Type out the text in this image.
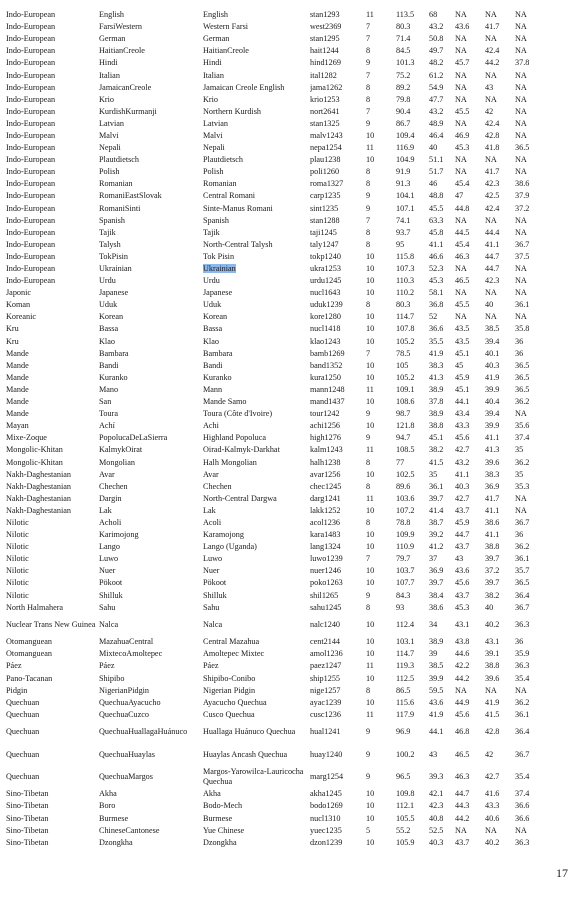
Indo-European	English	English	stan1293	11	113.5	68	NA	NA	NA
Indo-European	FarsiWestern	Western Farsi	west2369	7	80.3	43.2	43.6	41.7	NA
Indo-European	German	German	stan1295	7	71.4	50.8	NA	NA	NA
Indo-European	HaitianCreole	HaitianCreole	hait1244	8	84.5	49.7	NA	42.4	NA
Indo-European	Hindi	Hindi	hind1269	9	101.3	48.2	45.7	44.2	37.8
Indo-European	Italian	Italian	ital1282	7	75.2	61.2	NA	NA	NA
Indo-European	JamaicanCreole	Jamaican Creole English	jama1262	8	89.2	54.9	NA	43	NA
Indo-European	Krio	Krio	krio1253	8	79.8	47.7	NA	NA	NA
Indo-European	KurdishKurmanji	Northern Kurdish	nort2641	7	90.4	43.2	45.5	42	NA
Indo-European	Latvian	Latvian	stan1325	9	86.7	48.9	NA	42.4	NA
Indo-European	Malvi	Malvi	malv1243	10	109.4	46.4	46.9	42.8	NA
Indo-European	Nepali	Nepali	nepa1254	11	116.9	40	45.3	41.8	36.5
Indo-European	Plautdietsch	Plautdietsch	plau1238	10	104.9	51.1	NA	NA	NA
Indo-European	Polish	Polish	poli1260	8	91.9	51.7	NA	41.7	NA
Indo-European	Romanian	Romanian	roma1327	8	91.3	46	45.4	42.3	38.6
Indo-European	RomaniEastSlovak	Central Romani	carp1235	9	104.1	48.8	47	42.5	37.9
Indo-European	RomaniSinti	Sinte-Manus Romani	sint1235	9	107.1	45.5	44.8	42.4	37.2
Indo-European	Spanish	Spanish	stan1288	7	74.1	63.3	NA	NA	NA
Indo-European	Tajik	Tajik	taji1245	8	93.7	45.8	44.5	44.4	NA
Indo-European	Talysh	North-Central Talysh	taly1247	8	95	41.1	45.4	41.1	36.7
Indo-European	TokPisin	Tok Pisin	tokp1240	10	115.8	46.6	46.3	44.7	37.5
Indo-European	Ukrainian	Ukrainian	ukra1253	10	107.3	52.3	NA	44.7	NA
Indo-European	Urdu	Urdu	urdu1245	10	110.3	45.3	46.5	42.3	NA
Japonic	Japanese	Japanese	nucl1643	10	110.2	58.1	NA	NA	NA
Koman	Uduk	Uduk	uduk1239	8	80.3	36.8	45.5	40	36.1
Koreanic	Korean	Korean	kore1280	10	114.7	52	NA	NA	NA
Kru	Bassa	Bassa	nucl1418	10	107.8	36.6	43.5	38.5	35.8
Kru	Klao	Klao	klao1243	10	105.2	35.5	43.5	39.4	36
Mande	Bambara	Bambara	bamb1269	7	78.5	41.9	45.1	40.1	36
Mande	Bandi	Bandi	band1352	10	105	38.3	45	40.3	36.5
Mande	Kuranko	Kuranko	kura1250	10	105.2	41.3	45.9	41.9	36.5
Mande	Mano	Mann	mann1248	11	109.1	38.9	45.1	39.9	36.5
Mande	San	Mande Samo	mand1437	10	108.6	37.8	44.1	40.4	36.2
Mande	Toura	Toura (Côte d'Ivoire)	tour1242	9	98.7	38.9	43.4	39.4	NA
Mayan	Achí	Achi	achi1256	10	121.8	38.8	43.3	39.9	35.6
Mixe-Zoque	PopolucaDeLaSierra	Highland Popoluca	high1276	9	94.7	45.1	45.6	41.1	37.4
Mongolic-Khitan	KalmykOirat	Oirad-Kalmyk-Darkhat	kalm1243	11	108.5	38.2	42.7	41.3	35
Mongolic-Khitan	Mongolian	Halh Mongolian	halh1238	8	77	41.5	43.2	39.6	36.2
Nakh-Daghestanian	Avar	Avar	avar1256	10	102.5	35	41.1	38.3	35
Nakh-Daghestanian	Chechen	Chechen	chec1245	8	89.6	36.1	40.3	36.9	35.3
Nakh-Daghestanian	Dargin	North-Central Dargwa	darg1241	11	103.6	39.7	42.7	41.7	NA
Nakh-Daghestanian	Lak	Lak	lakk1252	10	107.2	41.4	43.7	41.1	NA
Nilotic	Acholi	Acoli	acol1236	8	78.8	38.7	45.9	38.6	36.7
Nilotic	Karimojong	Karamojong	kara1483	10	109.9	39.2	44.7	41.1	36
Nilotic	Lango	Lango (Uganda)	lang1324	10	110.9	41.2	43.7	38.8	36.2
Nilotic	Luwo	Luwo	luwo1239	7	79.7	37	43	39.7	36.1
Nilotic	Nuer	Nuer	nuer1246	10	103.7	36.9	43.6	37.2	35.7
Nilotic	Pökoot	Pökoot	poko1263	10	107.7	39.7	45.6	39.7	36.5
Nilotic	Shilluk	Shilluk	shil1265	9	84.3	38.4	43.7	38.2	36.4
North Halmahera	Sahu	Sahu	sahu1245	8	93	38.6	45.3	40	36.7
Nuclear Trans New Guinea	Nalca	Nalca	nalc1240	10	112.4	34	43.1	40.2	36.3
Otomanguean	MazahuaCentral	Central Mazahua	cent2144	10	103.1	38.9	43.8	43.1	36
Otomanguean	MixtecoAmoltepec	Amoltepec Mixtec	amol1236	10	114.7	39	44.6	39.1	35.9
Páez	Páez	Páez	paez1247	11	119.3	38.5	42.2	38.8	36.3
Pano-Tacanan	Shipibo	Shipibo-Conibo	ship1255	10	112.5	39.9	44.2	39.6	35.4
Pidgin	NigerianPidgin	Nigerian Pidgin	nige1257	8	86.5	59.5	NA	NA	NA
Quechuan	QuechuaAyacucho	Ayacucho Quechua	ayac1239	10	115.6	43.6	44.9	41.9	36.2
Quechuan	QuechuaCuzco	Cusco Quechua	cusc1236	11	117.9	41.9	45.6	41.5	36.1
Quechuan	QuechuaHuallagaHuánuco	Huallaga Huánuco Quechua	hual1241	9	96.9	44.1	46.8	42.8	36.4
Quechuan	QuechuaHuaylas	Huaylas Ancash Quechua	huay1240	9	100.2	43	46.5	42	36.7
Quechuan	QuechuaMargos	Margos-Yarowilca-Lauricocha Quechua	marg1254	9	96.5	39.3	46.3	42.7	35.4
Sino-Tibetan	Akha	Akha	akha1245	10	109.8	42.1	44.7	41.6	37.4
Sino-Tibetan	Boro	Bodo-Mech	bodo1269	10	112.1	42.3	44.3	43.3	36.6
Sino-Tibetan	Burmese	Burmese	nucl1310	10	105.5	40.8	44.2	40.6	36.6
Sino-Tibetan	ChineseCantonese	Yue Chinese	yuec1235	5	55.2	52.5	NA	NA	NA
Sino-Tibetan	Dzongkha	Dzongkha	dzon1239	10	105.9	40.3	43.7	40.2	36.3
17
